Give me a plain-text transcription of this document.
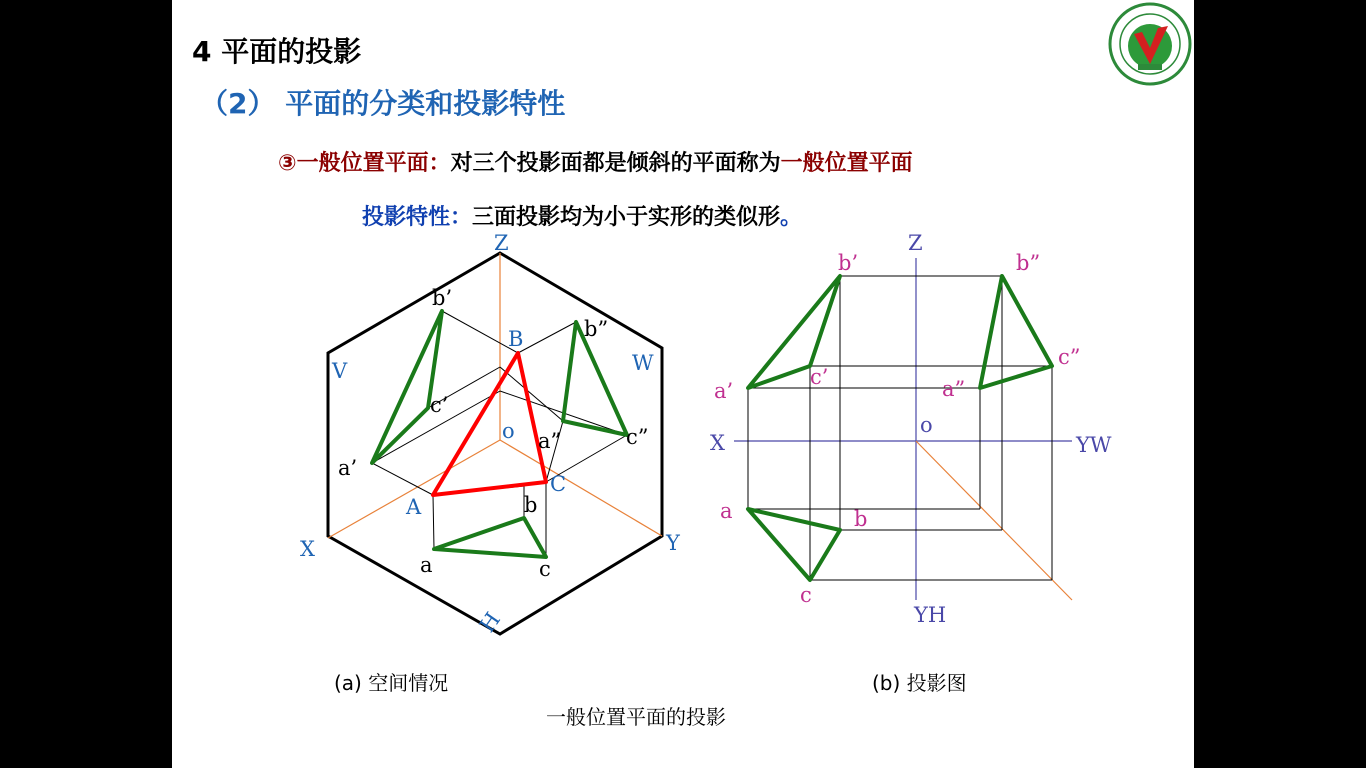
4 平面的投影
（2） 平面的分类和投影特性
③一般位置平面：对三个投影面都是倾斜的平面称为一般位置平面
投影特性：三面投影均为小于实形的类似形。
Z
X	Y
o
V	W
H
B
A
C
b’
c’
a’
b”
c”
a”
b
a	c
(a) 空间情况
Z
X	YW
YH
o
b’
c’
a’
b”
c”
a”
a	b
c
(b) 投影图
一般位置平面的投影
